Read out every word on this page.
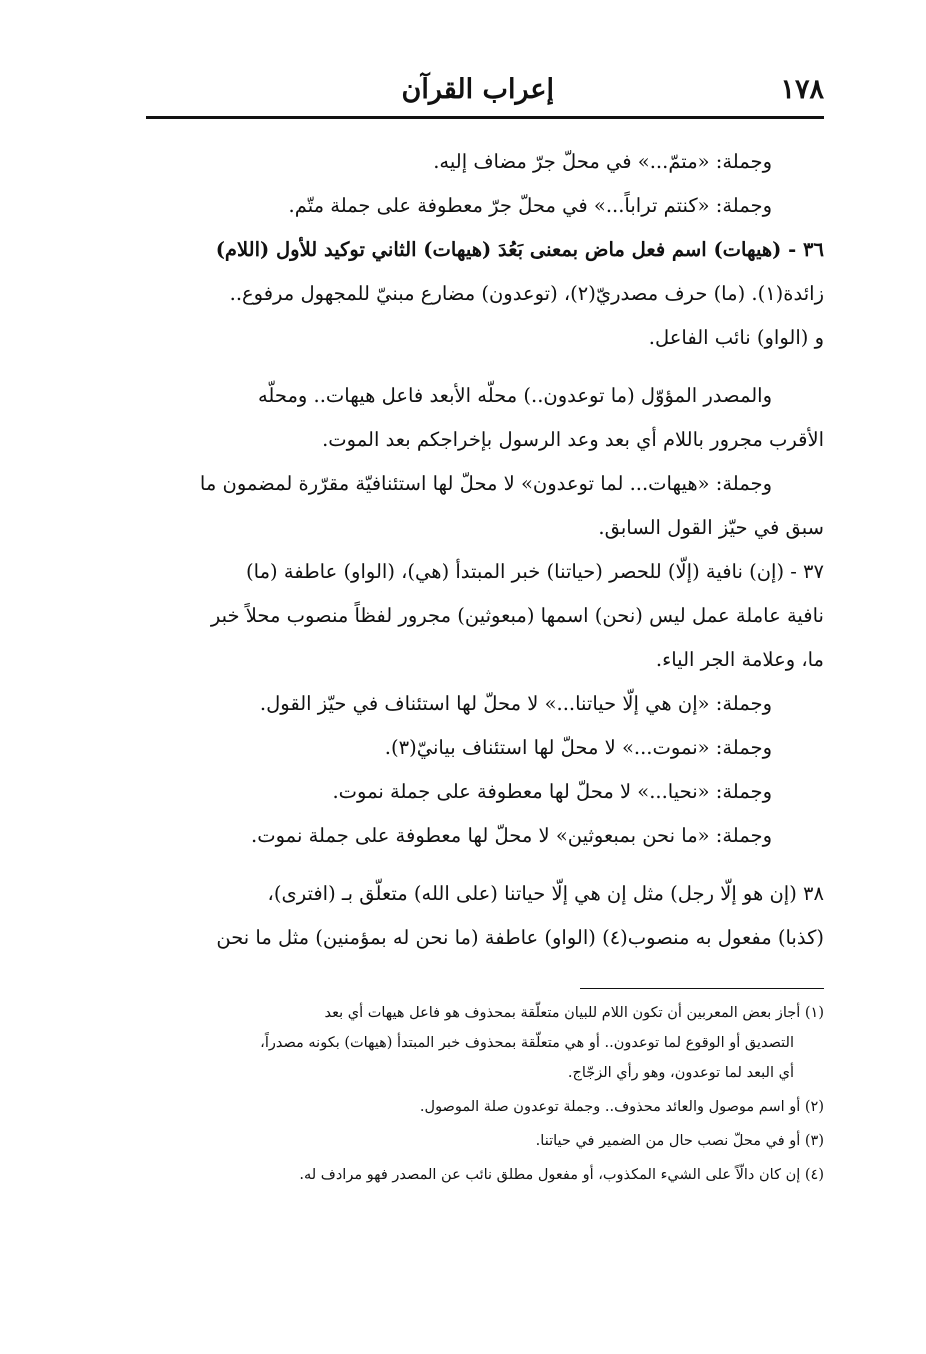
١٧٨
إعراب القرآن
وجملة: «متمّ...» في محلّ جرّ مضاف إليه.
وجملة: «كنتم تراباً...» في محلّ جرّ معطوفة على جملة متّم.
٣٦ - (هيهات) اسم فعل ماض بمعنى بَعُدَ (هيهات) الثاني توكيد للأول (اللام)
زائدة(١). (ما) حرف مصدريّ(٢)، (توعدون) مضارع مبنيّ للمجهول مرفوع..
و (الواو) نائب الفاعل.
والمصدر المؤوّل (ما توعدون..) محلّه الأبعد فاعل هيهات.. ومحلّه
الأقرب مجرور باللام أي بعد وعد الرسول بإخراجكم بعد الموت.
وجملة: «هيهات... لما توعدون» لا محلّ لها استئنافيّة مقرّرة لمضمون ما
سبق في حيّز القول السابق.
٣٧ - (إن) نافية (إلّا) للحصر (حياتنا) خبر المبتدأ (هي)، (الواو) عاطفة (ما)
نافية عاملة عمل ليس (نحن) اسمها (مبعوثين) مجرور لفظاً منصوب محلاً خبر
ما، وعلامة الجر الياء.
وجملة: «إن هي إلّا حياتنا...» لا محلّ لها استئناف في حيّز القول.
وجملة: «نموت...» لا محلّ لها استئناف بيانيّ(٣).
وجملة: «نحيا...» لا محلّ لها معطوفة على جملة نموت.
وجملة: «ما نحن بمبعوثين» لا محلّ لها معطوفة على جملة نموت.
٣٨ (إن هو إلّا رجل) مثل إن هي إلّا حياتنا (على الله) متعلّق بـ (افترى)،
(كذبا) مفعول به منصوب(٤) (الواو) عاطفة (ما نحن له بمؤمنين) مثل ما نحن
(١) أجاز بعض المعربين أن تكون اللام للبيان متعلّقة بمحذوف هو فاعل هيهات أي بعد
التصديق أو الوقوع لما توعدون.. أو هي متعلّقة بمحذوف خبر المبتدأ (هيهات) بكونه مصدراً،
أي البعد لما توعدون، وهو رأي الزجّاج.
(٢) أو اسم موصول والعائد محذوف.. وجملة توعدون صلة الموصول.
(٣) أو في محلّ نصب حال من الضمير في حياتنا.
(٤) إن كان دالّاً على الشيء المكذوب، أو مفعول مطلق نائب عن المصدر فهو مرادف له.
